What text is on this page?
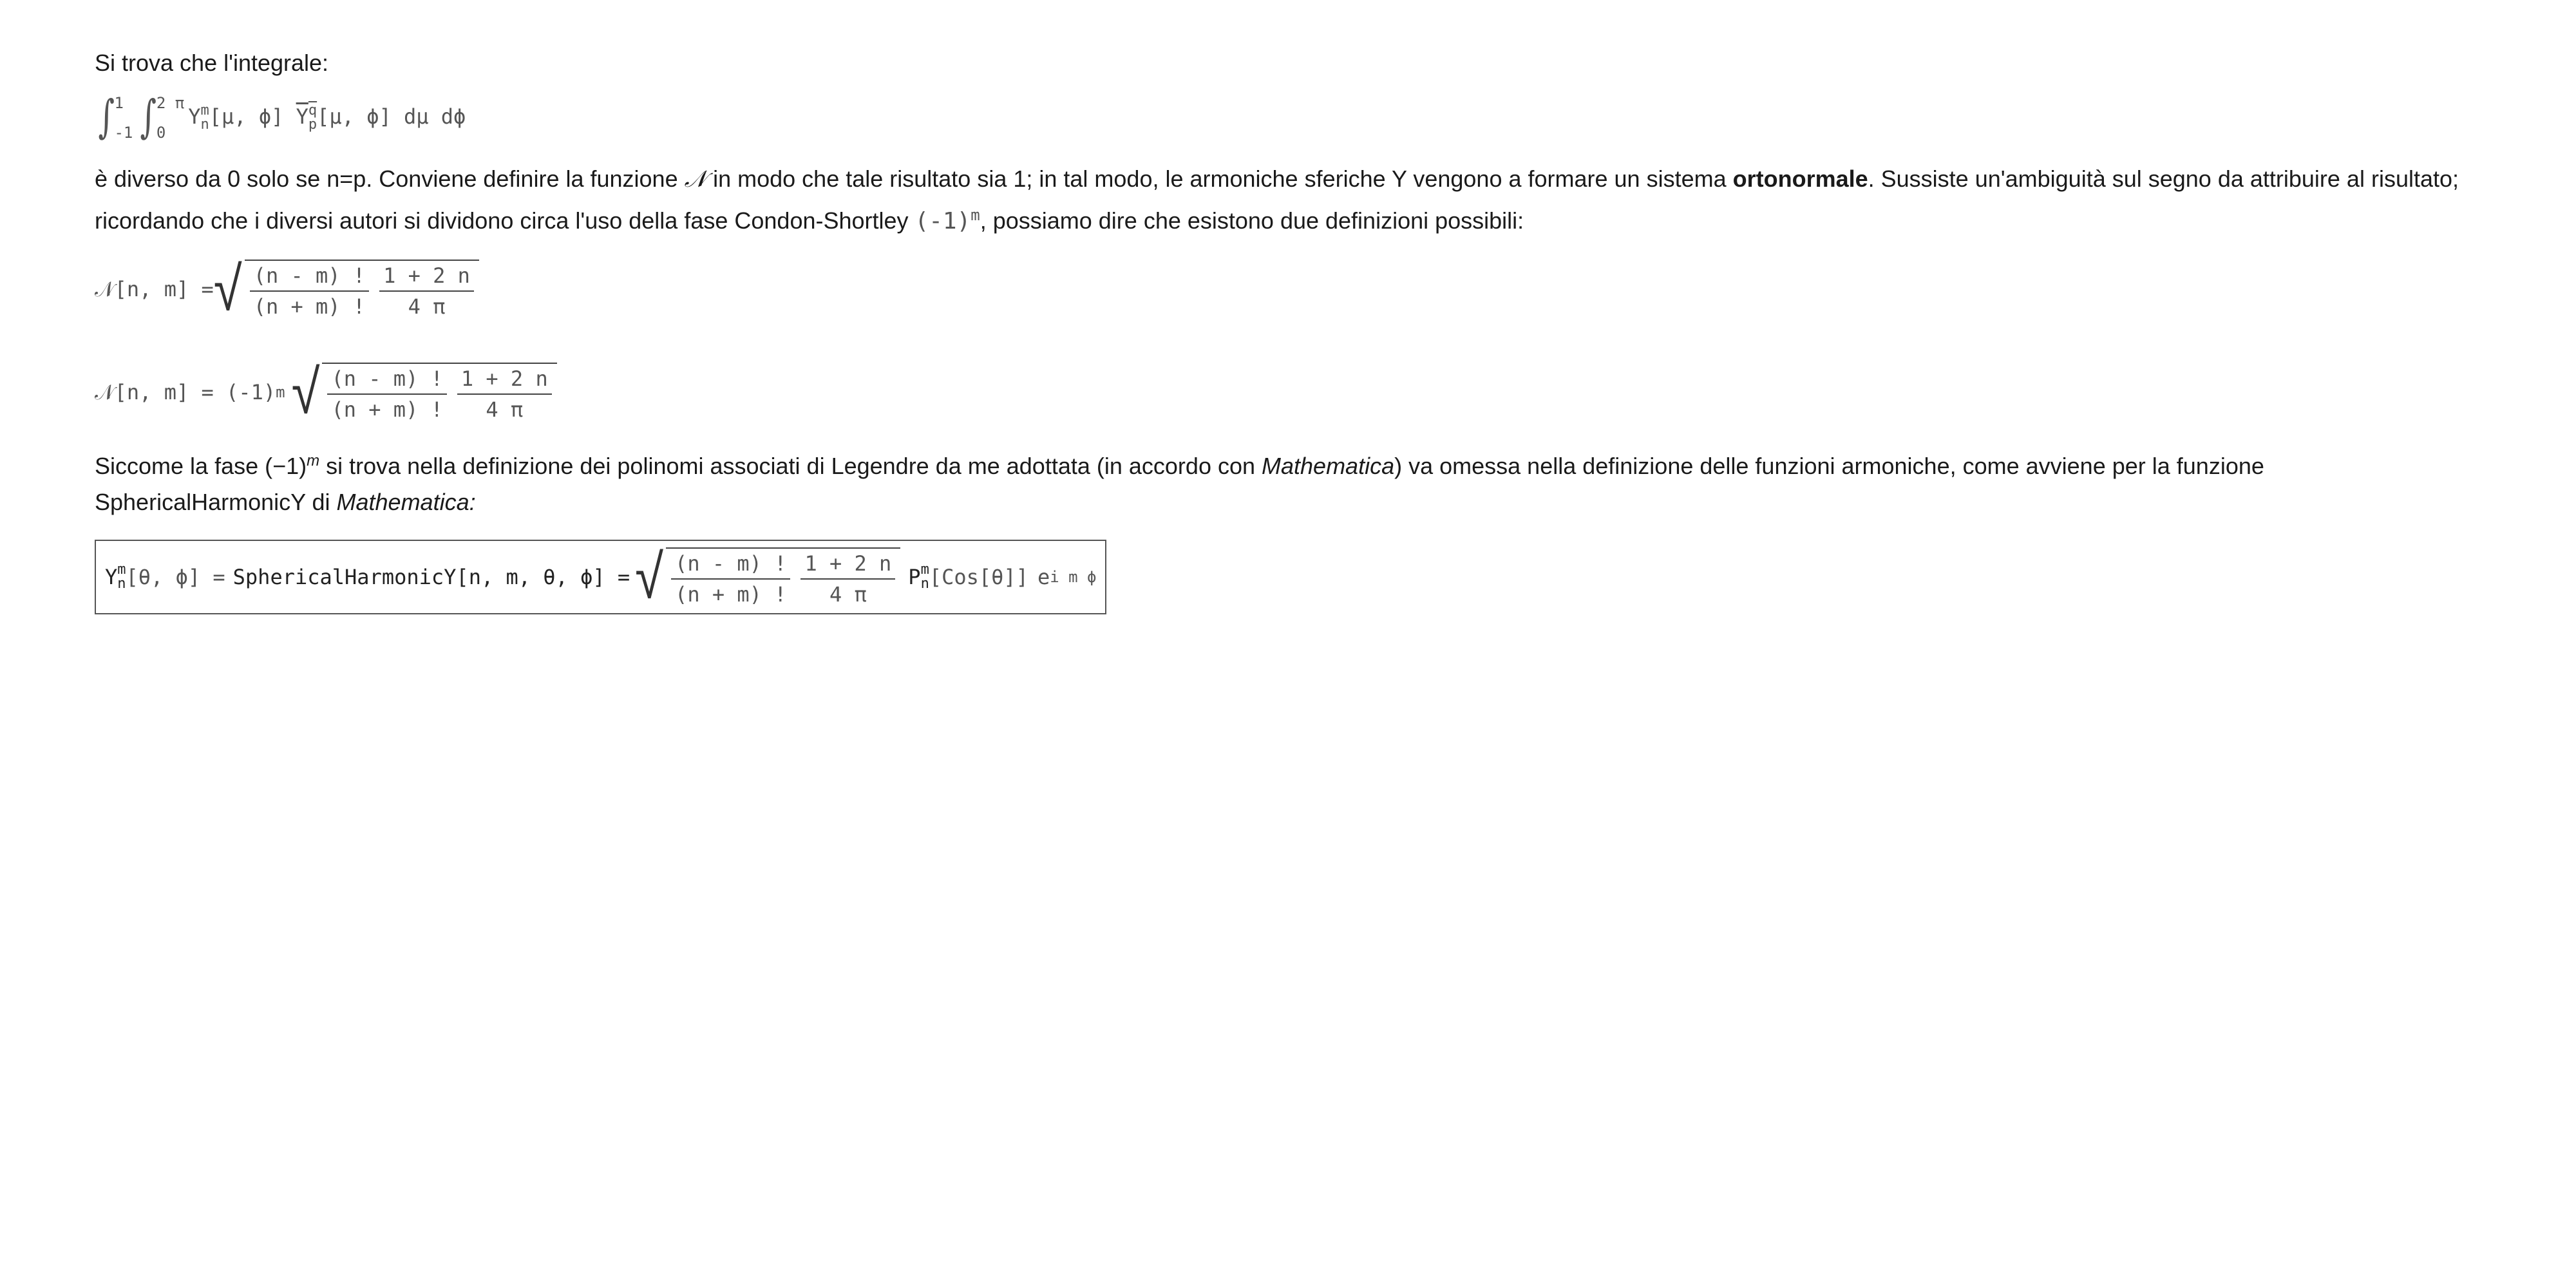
Si trova che l'integrale:
∫ 1
-1 ∫ 2 π
0
Y m
n [μ, ϕ] $\overline{Y}$ $\overline{q}$
p [μ, ϕ] dμ dϕ
è diverso da 0 solo se n=p. Conviene definire la funzione 𝒩 in modo che tale risultato sia 1; in tal modo, le armoniche sferiche Y vengono a formare un sistema ortonormale. Sussiste un'ambiguità sul segno da attribuire al risultato; ricordando che i diversi autori si dividono circa l'uso della fase Condon-Shortley $(-1)^m$, possiamo dire che esistono due definizioni possibili:
𝒩[n, m] = √ $\frac{(n - m) !}{(n + m) !} \frac{1 + 2 n}{4 \pi}$
𝒩[n, m] = (-1) m √ $\frac{(n - m) !}{(n + m) !} \frac{1 + 2 n}{4 \pi}$
Siccome la fase $(-1)^m$ si trova nella definizione dei polinomi associati di Legendre da me adottata (in accordo con Mathematica) va omessa nella definizione delle funzioni armoniche, come avviene per la funzione SphericalHarmonicY di Mathematica:
Y m
n [θ, ϕ] = SphericalHarmonicY[n, m, θ, ϕ] = √ $\frac{(n - m) !}{(n + m) !} \frac{1 + 2 n}{4 \pi}$ P m
n [Cos[θ]] e i m ϕ
